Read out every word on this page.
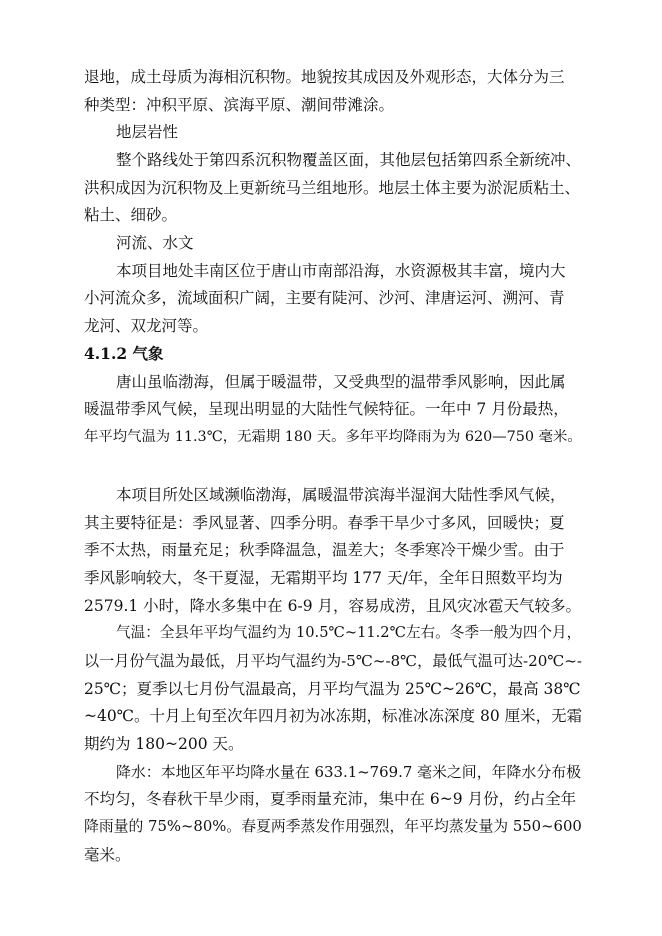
退地，成土母质为海相沉积物。地貌按其成因及外观形态，大体分为三
种类型：冲积平原、滨海平原、潮间带滩涂。
地层岩性
整个路线处于第四系沉积物覆盖区面，其他层包括第四系全新统冲、
洪积成因为沉积物及上更新统马兰组地形。地层土体主要为淤泥质粘土、
粘土、细砂。
河流、水文
本项目地处丰南区位于唐山市南部沿海，水资源极其丰富，境内大
小河流众多，流域面积广阔，主要有陡河、沙河、津唐运河、溯河、青
龙河、双龙河等。
4.1.2 气象
唐山虽临渤海，但属于暖温带，又受典型的温带季风影响，因此属
暖温带季风气候，呈现出明显的大陆性气候特征。一年中 7 月份最热，
年平均气温为 11.3℃，无霜期 180 天。多年平均降雨为为 620—750 毫米。
本项目所处区域濒临渤海，属暖温带滨海半湿润大陆性季风气候，
其主要特征是：季风显著、四季分明。春季干旱少寸多风，回暖快；夏
季不太热，雨量充足；秋季降温急，温差大；冬季寒冷干燥少雪。由于
季风影响较大，冬干夏湿，无霜期平均 177 天/年，全年日照数平均为
2579.1 小时，降水多集中在 6-9 月，容易成涝，且风灾冰雹天气较多。
气温：全县年平均气温约为 10.5℃~11.2℃左右。冬季一般为四个月，
以一月份气温为最低，月平均气温约为-5℃~-8℃，最低气温可达-20℃~-
25℃；夏季以七月份气温最高，月平均气温为 25℃~26℃，最高 38℃
~40℃。十月上旬至次年四月初为冰冻期，标准冰冻深度 80 厘米，无霜
期约为 180~200 天。
降水：本地区年平均降水量在 633.1~769.7 毫米之间，年降水分布极
不均匀，冬春秋干旱少雨，夏季雨量充沛，集中在 6~9 月份，约占全年
降雨量的 75%~80%。春夏两季蒸发作用强烈，年平均蒸发量为 550~600
毫米。
